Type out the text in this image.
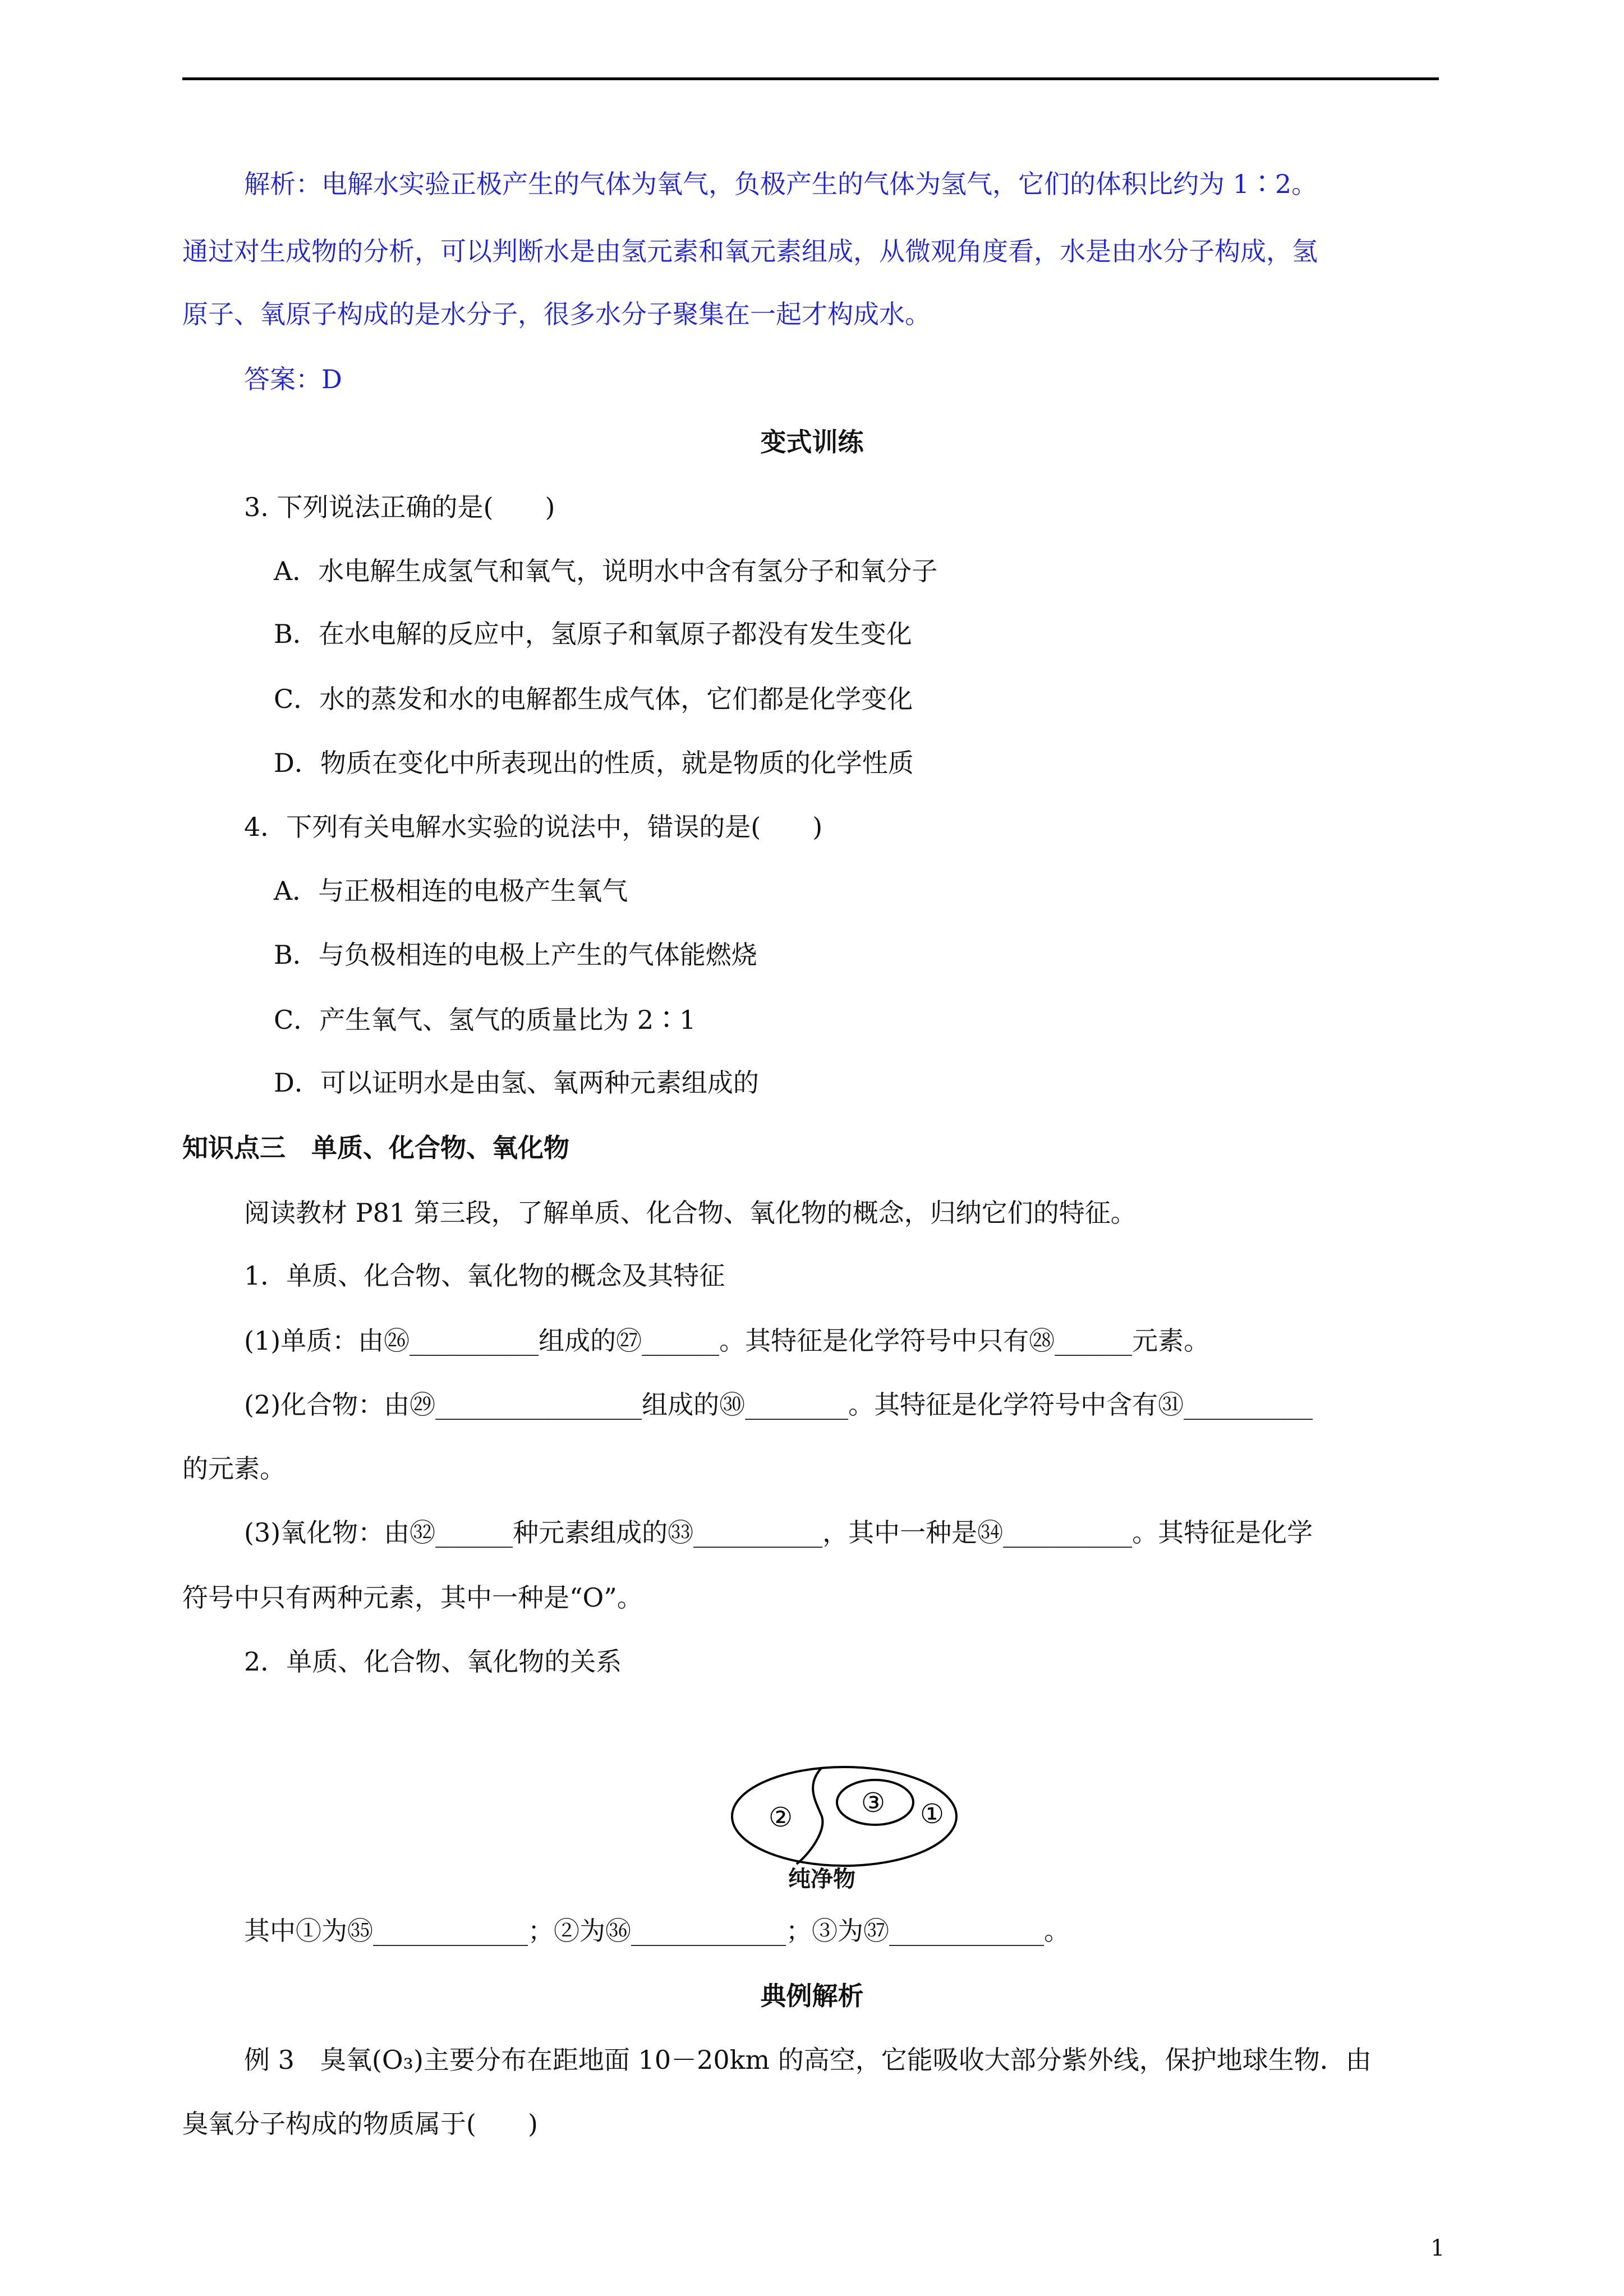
解析：电解水实验正极产生的气体为氧气，负极产生的气体为氢气，它们的体积比约为 1∶2。
通过对生成物的分析，可以判断水是由氢元素和氧元素组成，从微观角度看，水是由水分子构成，氢
原子、氧原子构成的是水分子，很多水分子聚集在一起才构成水。
答案：D
变式训练
3. 下列说法正确的是(　　)
A．水电解生成氢气和氧气，说明水中含有氢分子和氧分子
B．在水电解的反应中，氢原子和氧原子都没有发生变化
C．水的蒸发和水的电解都生成气体，它们都是化学变化
D．物质在变化中所表现出的性质，就是物质的化学性质
4．下列有关电解水实验的说法中，错误的是(　　)
A．与正极相连的电极产生氧气
B．与负极相连的电极上产生的气体能燃烧
C．产生氧气、氢气的质量比为 2∶1
D．可以证明水是由氢、氧两种元素组成的
知识点三　单质、化合物、氧化物
阅读教材 P81 第三段，了解单质、化合物、氧化物的概念，归纳它们的特征。
1．单质、化合物、氧化物的概念及其特征
(1)单质：由㉖__________组成的㉗______。其特征是化学符号中只有㉘______元素。
(2)化合物：由㉙________________组成的㉚________。其特征是化学符号中含有㉛__________
的元素。
(3)氧化物：由㉜______种元素组成的㉝__________，其中一种是㉞__________。其特征是化学
符号中只有两种元素，其中一种是“O”。
2．单质、化合物、氧化物的关系
②	③ ①
纯净物
其中①为㉟____________；②为㊱____________；③为㊲____________。
典例解析
例 3　臭氧(O₃)主要分布在距地面 10－20km 的高空，它能吸收大部分紫外线，保护地球生物．由
臭氧分子构成的物质属于(　　)
1
